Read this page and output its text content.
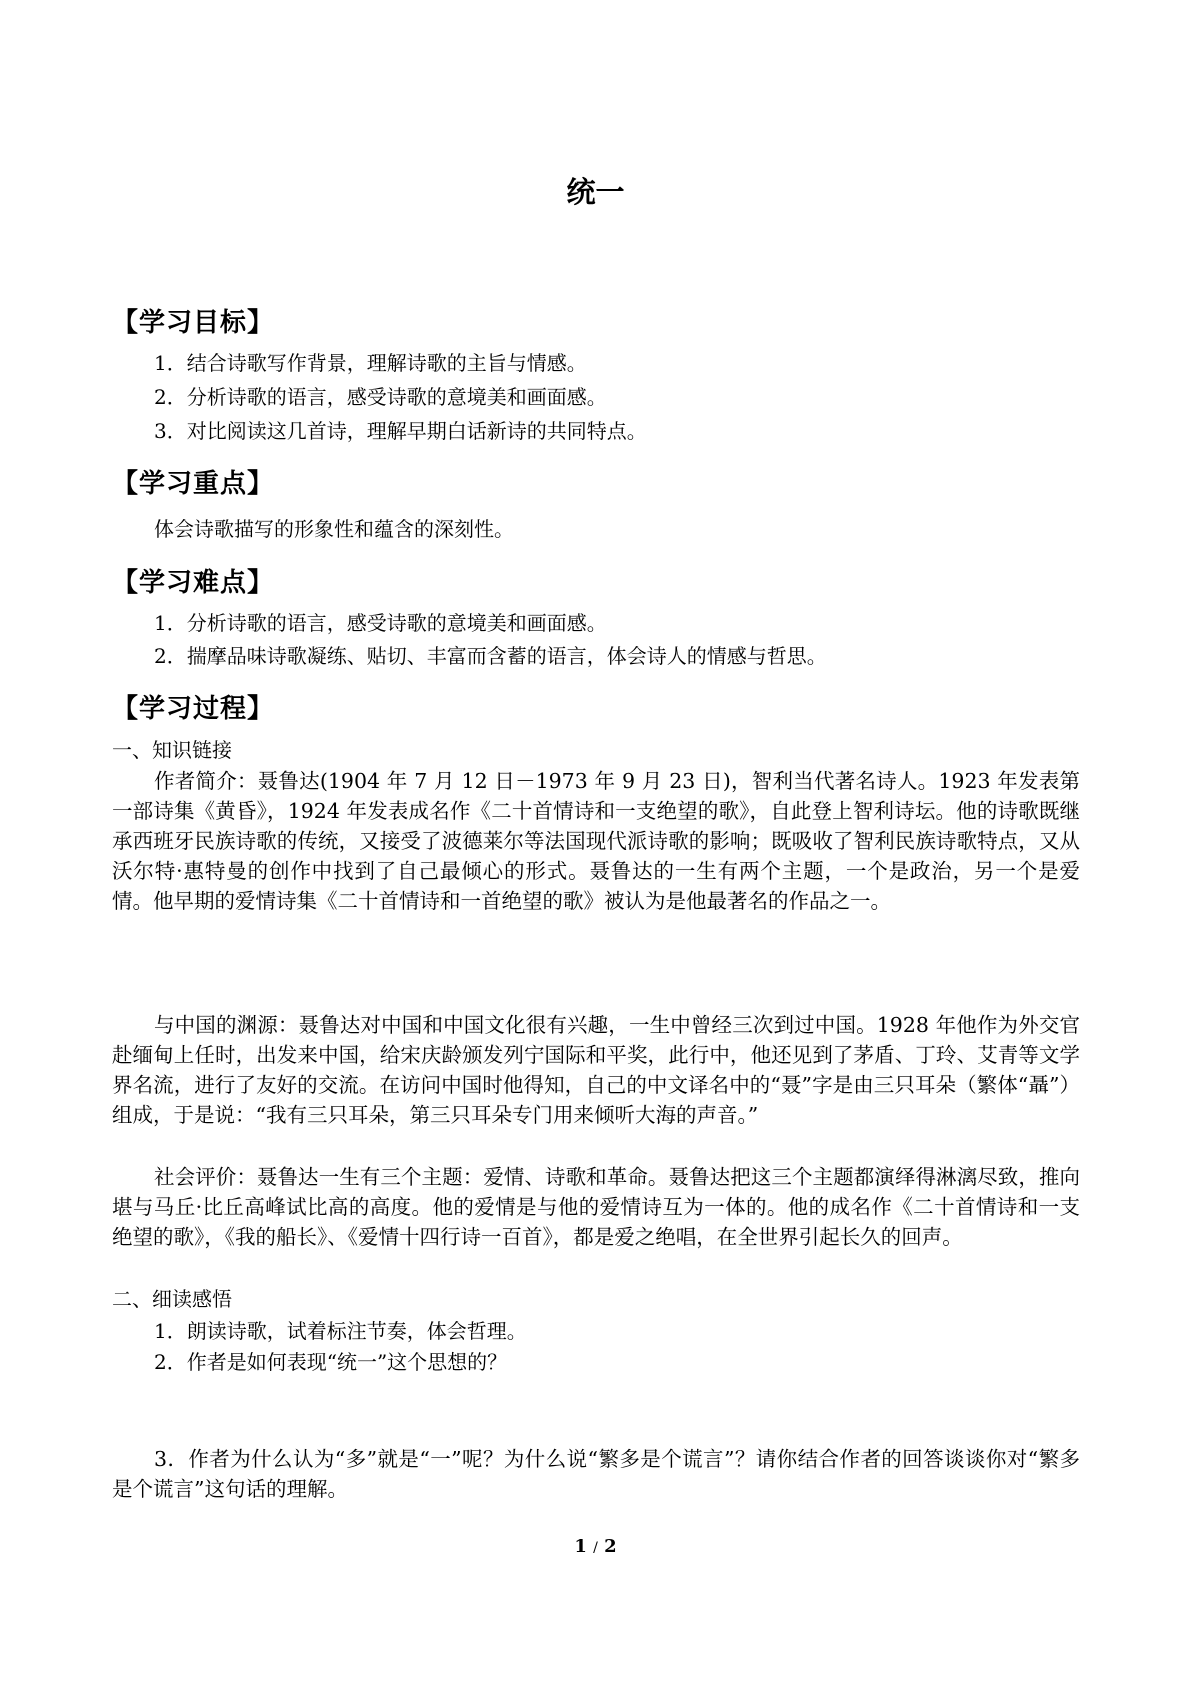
统一
【学习目标】
1．结合诗歌写作背景，理解诗歌的主旨与情感。
2．分析诗歌的语言，感受诗歌的意境美和画面感。
3．对比阅读这几首诗，理解早期白话新诗的共同特点。
【学习重点】
体会诗歌描写的形象性和蕴含的深刻性。
【学习难点】
1．分析诗歌的语言，感受诗歌的意境美和画面感。
2．揣摩品味诗歌凝练、贴切、丰富而含蓄的语言，体会诗人的情感与哲思。
【学习过程】
一、知识链接
作者简介：聂鲁达(1904 年 7 月 12 日－1973 年 9 月 23 日)，智利当代著名诗人。1923 年发表第一部诗集《黄昏》，1924 年发表成名作《二十首情诗和一支绝望的歌》，自此登上智利诗坛。他的诗歌既继承西班牙民族诗歌的传统，又接受了波德莱尔等法国现代派诗歌的影响；既吸收了智利民族诗歌特点，又从沃尔特·惠特曼的创作中找到了自己最倾心的形式。聂鲁达的一生有两个主题，一个是政治，另一个是爱情。他早期的爱情诗集《二十首情诗和一首绝望的歌》被认为是他最著名的作品之一。
与中国的渊源：聂鲁达对中国和中国文化很有兴趣，一生中曾经三次到过中国。1928 年他作为外交官赴缅甸上任时，出发来中国，给宋庆龄颁发列宁国际和平奖，此行中，他还见到了茅盾、丁玲、艾青等文学界名流，进行了友好的交流。在访问中国时他得知，自己的中文译名中的“聂”字是由三只耳朵（繁体“聶”）组成，于是说：“我有三只耳朵，第三只耳朵专门用来倾听大海的声音。”
社会评价：聂鲁达一生有三个主题：爱情、诗歌和革命。聂鲁达把这三个主题都演绎得淋漓尽致，推向堪与马丘·比丘高峰试比高的高度。他的爱情是与他的爱情诗互为一体的。他的成名作《二十首情诗和一支绝望的歌》，《我的船长》、《爱情十四行诗一百首》，都是爱之绝唱，在全世界引起长久的回声。
二、细读感悟
1．朗读诗歌，试着标注节奏，体会哲理。
2．作者是如何表现“统一”这个思想的？
3．作者为什么认为“多”就是“一”呢？为什么说“繁多是个谎言”？请你结合作者的回答谈谈你对“繁多是个谎言”这句话的理解。
1 / 2
